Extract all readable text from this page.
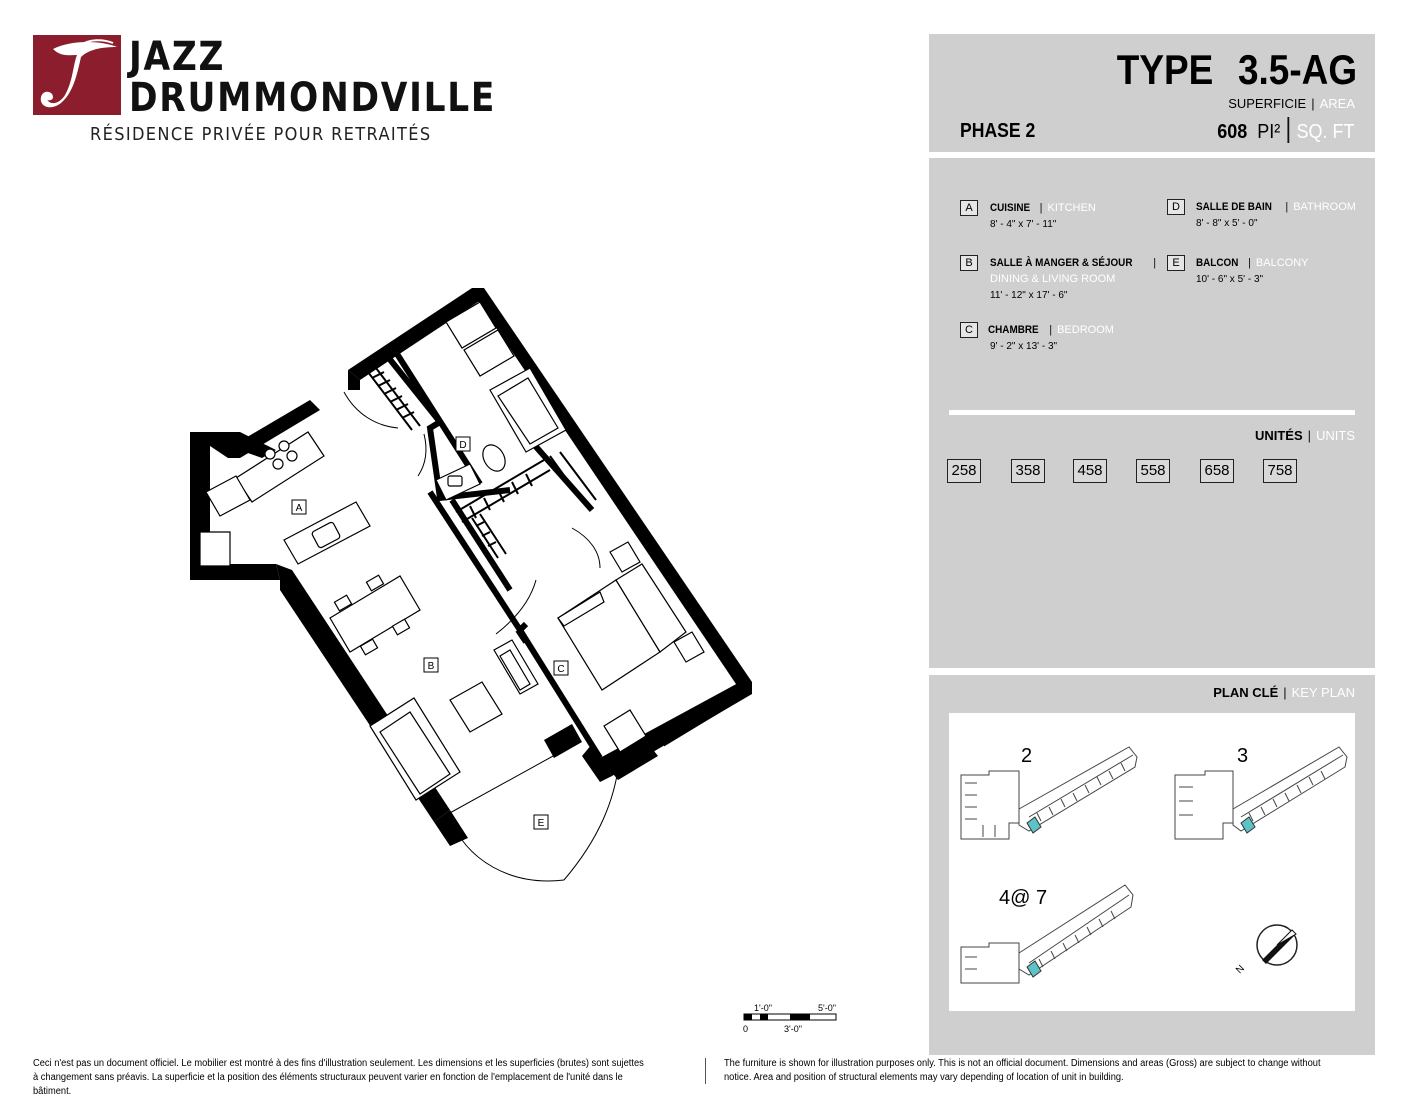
JAZZ
DRUMMONDVILLE
RÉSIDENCE PRIVÉE POUR RETRAITÉS
TYPE 3.5-AG
SUPERFICIE | AREA
PHASE 2	608 PI² SQ. FT
A	CUISINE | KITCHEN
8' - 4" x 7' - 11"
B	SALLE À MANGER & SÉJOUR |
DINING & LIVING ROOM
11' - 12" x 17' - 6"
C	CHAMBRE | BEDROOM
9' - 2" x 13' - 3"
D	SALLE DE BAIN | BATHROOM
8' - 8" x 5' - 0"
E	BALCON | BALCONY
10' - 6" x 5' - 3"
UNITÉS | UNITS
258	358 458	558	658	758
PLAN CLÉ | KEY PLAN
2	3
4@ 7
N
A
B	C
D
E
1'-0"	5'-0"
0	3'-0"
Ceci n'est pas un document officiel. Le mobilier est montré à des fins d'illustration seulement. Les dimensions et les superficies (brutes) sont sujettes à changement sans préavis. La superficie et la position des éléments structuraux peuvent varier en fonction de l'emplacement de l'unité dans le bâtiment.
The furniture is shown for illustration purposes only. This is not an official document. Dimensions and areas (Gross) are subject to change without notice. Area and position of structural elements may vary depending of location of unit in building.
